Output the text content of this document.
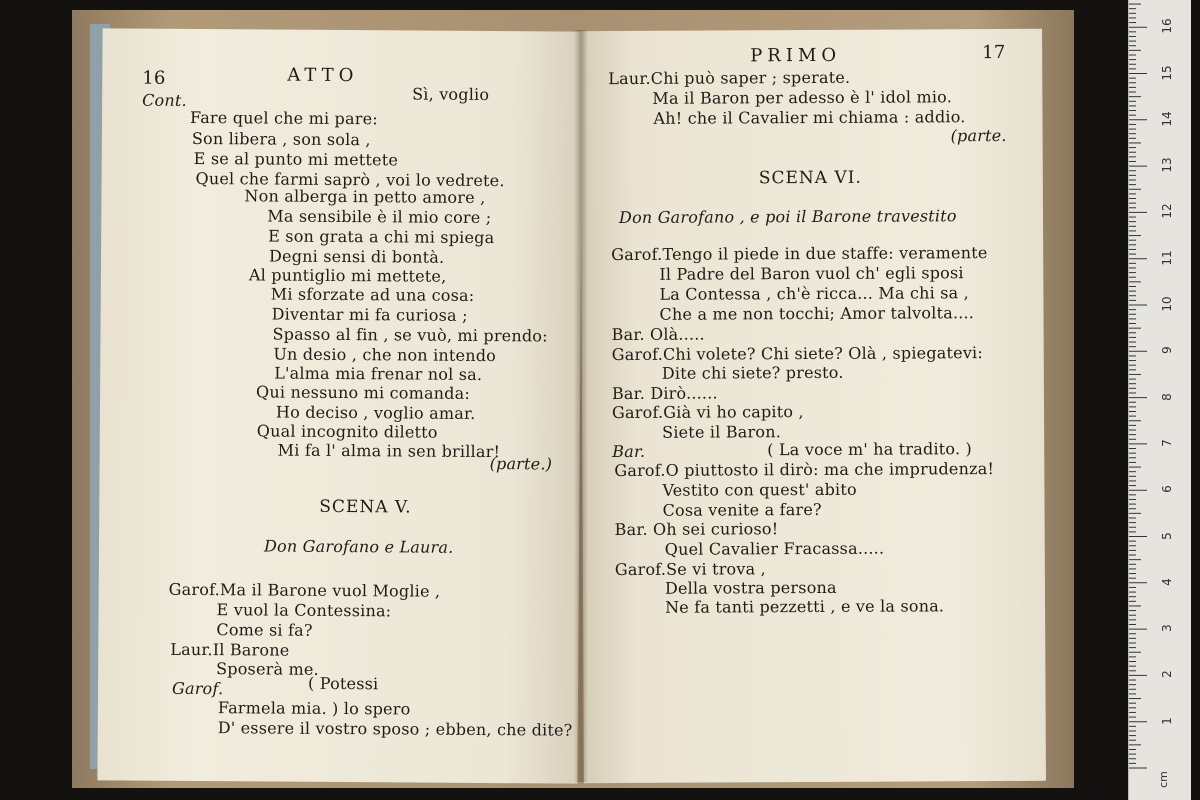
16	ATTO
Cont.	Sì, voglio
Fare quel che mi pare:
Son libera , son sola ,
E se al punto mi mettete
Quel che farmi saprò , voi lo vedrete.
Non alberga in petto amore ,
Ma sensibile è il mio core ;
E son grata a chi mi spiega
Degni sensi di bontà.
Al puntiglio mi mettete,
Mi sforzate ad una cosa:
Diventar mi fa curiosa ;
Spasso al fin , se vuò, mi prendo:
Un desio , che non intendo
L'alma mia frenar nol sa.
Qui nessuno mi comanda:
Ho deciso , voglio amar.
Qual incognito diletto
Mi fa l' alma in sen brillar!
(parte.)
SCENA V.
Don Garofano e Laura.
Garof.Ma il Barone vuol Moglie ,
E vuol la Contessina:
Come si fa?
Laur.Il Barone
Sposerà me.
Garof.	( Potessi
Farmela mia. ) lo spero
D' essere il vostro sposo ; ebben, che dite?
PRIMO	17
Laur.Chi può saper ; sperate.
Ma il Baron per adesso è l' idol mio.
Ah! che il Cavalier mi chiama : addio.
(parte.
SCENA VI.
Don Garofano , e poi il Barone travestito
Garof.Tengo il piede in due staffe: veramente
Il Padre del Baron vuol ch' egli sposi
La Contessa , ch'è ricca... Ma chi sa ,
Che a me non tocchi; Amor talvolta....
Bar. Olà.....
Garof.Chi volete? Chi siete? Olà , spiegatevi:
Dite chi siete? presto.
Bar. Dirò......
Garof.Già vi ho capito ,
Siete il Baron.
Bar.	( La voce m' ha tradito. )
Garof.O piuttosto il dirò: ma che imprudenza!
Vestito con quest' abito
Cosa venite a fare?
Bar. Oh sei curioso!
Quel Cavalier Fracassa.....
Garof.Se vi trova ,
Della vostra persona
Ne fa tanti pezzetti , e ve la sona.
1
2
3
4
5
6
7
8
9
10
11
12
13
14
15
16
cm
